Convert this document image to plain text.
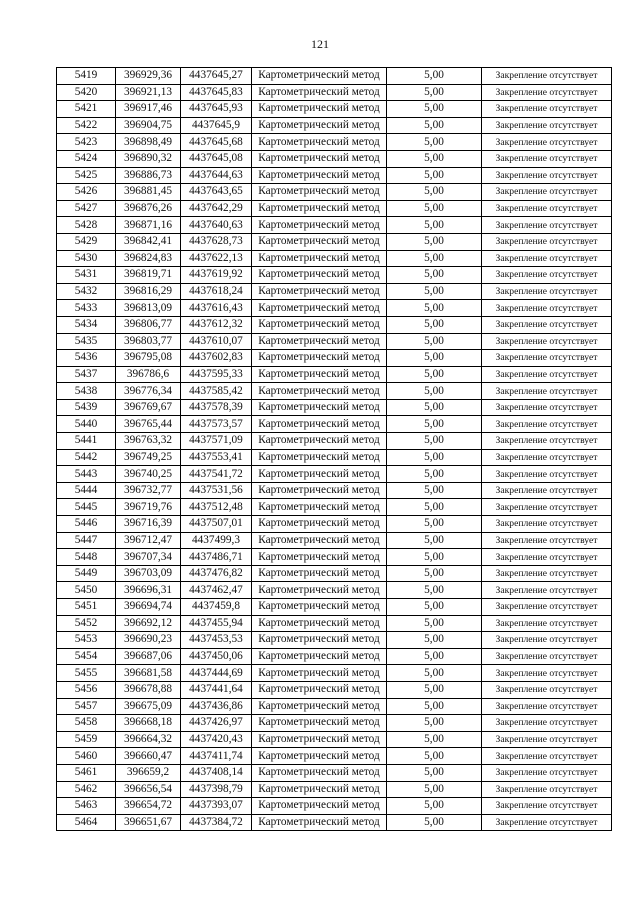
121
5419	396929,36	4437645,27	Картометрический метод	5,00	Закрепление отсутствует
5420	396921,13	4437645,83	Картометрический метод	5,00	Закрепление отсутствует
5421	396917,46	4437645,93	Картометрический метод	5,00	Закрепление отсутствует
5422	396904,75	4437645,9	Картометрический метод	5,00	Закрепление отсутствует
5423	396898,49	4437645,68	Картометрический метод	5,00	Закрепление отсутствует
5424	396890,32	4437645,08	Картометрический метод	5,00	Закрепление отсутствует
5425	396886,73	4437644,63	Картометрический метод	5,00	Закрепление отсутствует
5426	396881,45	4437643,65	Картометрический метод	5,00	Закрепление отсутствует
5427	396876,26	4437642,29	Картометрический метод	5,00	Закрепление отсутствует
5428	396871,16	4437640,63	Картометрический метод	5,00	Закрепление отсутствует
5429	396842,41	4437628,73	Картометрический метод	5,00	Закрепление отсутствует
5430	396824,83	4437622,13	Картометрический метод	5,00	Закрепление отсутствует
5431	396819,71	4437619,92	Картометрический метод	5,00	Закрепление отсутствует
5432	396816,29	4437618,24	Картометрический метод	5,00	Закрепление отсутствует
5433	396813,09	4437616,43	Картометрический метод	5,00	Закрепление отсутствует
5434	396806,77	4437612,32	Картометрический метод	5,00	Закрепление отсутствует
5435	396803,77	4437610,07	Картометрический метод	5,00	Закрепление отсутствует
5436	396795,08	4437602,83	Картометрический метод	5,00	Закрепление отсутствует
5437	396786,6	4437595,33	Картометрический метод	5,00	Закрепление отсутствует
5438	396776,34	4437585,42	Картометрический метод	5,00	Закрепление отсутствует
5439	396769,67	4437578,39	Картометрический метод	5,00	Закрепление отсутствует
5440	396765,44	4437573,57	Картометрический метод	5,00	Закрепление отсутствует
5441	396763,32	4437571,09	Картометрический метод	5,00	Закрепление отсутствует
5442	396749,25	4437553,41	Картометрический метод	5,00	Закрепление отсутствует
5443	396740,25	4437541,72	Картометрический метод	5,00	Закрепление отсутствует
5444	396732,77	4437531,56	Картометрический метод	5,00	Закрепление отсутствует
5445	396719,76	4437512,48	Картометрический метод	5,00	Закрепление отсутствует
5446	396716,39	4437507,01	Картометрический метод	5,00	Закрепление отсутствует
5447	396712,47	4437499,3	Картометрический метод	5,00	Закрепление отсутствует
5448	396707,34	4437486,71	Картометрический метод	5,00	Закрепление отсутствует
5449	396703,09	4437476,82	Картометрический метод	5,00	Закрепление отсутствует
5450	396696,31	4437462,47	Картометрический метод	5,00	Закрепление отсутствует
5451	396694,74	4437459,8	Картометрический метод	5,00	Закрепление отсутствует
5452	396692,12	4437455,94	Картометрический метод	5,00	Закрепление отсутствует
5453	396690,23	4437453,53	Картометрический метод	5,00	Закрепление отсутствует
5454	396687,06	4437450,06	Картометрический метод	5,00	Закрепление отсутствует
5455	396681,58	4437444,69	Картометрический метод	5,00	Закрепление отсутствует
5456	396678,88	4437441,64	Картометрический метод	5,00	Закрепление отсутствует
5457	396675,09	4437436,86	Картометрический метод	5,00	Закрепление отсутствует
5458	396668,18	4437426,97	Картометрический метод	5,00	Закрепление отсутствует
5459	396664,32	4437420,43	Картометрический метод	5,00	Закрепление отсутствует
5460	396660,47	4437411,74	Картометрический метод	5,00	Закрепление отсутствует
5461	396659,2	4437408,14	Картометрический метод	5,00	Закрепление отсутствует
5462	396656,54	4437398,79	Картометрический метод	5,00	Закрепление отсутствует
5463	396654,72	4437393,07	Картометрический метод	5,00	Закрепление отсутствует
5464	396651,67	4437384,72	Картометрический метод	5,00	Закрепление отсутствует
